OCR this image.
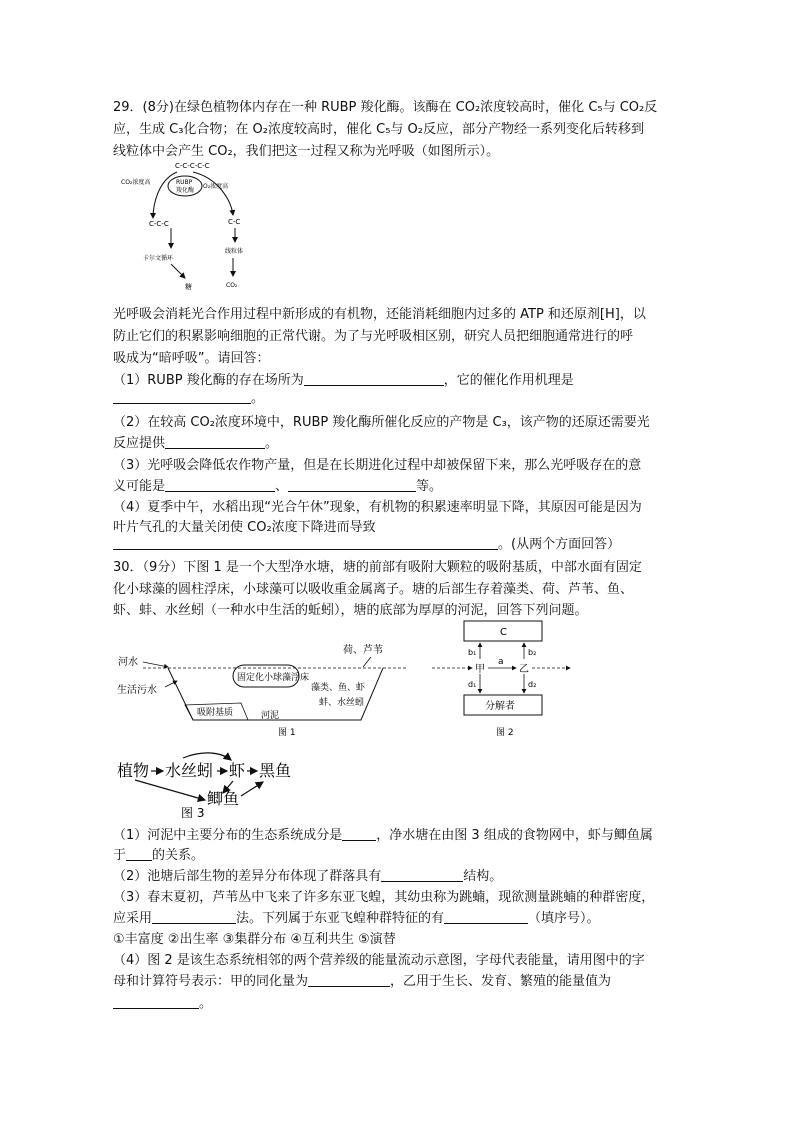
29．(8分)在绿色植物体内存在一种 RUBP 羧化酶。该酶在 CO₂浓度较高时，催化 C₅与 CO₂反
应，生成 C₃化合物；在 O₂浓度较高时，催化 C₅与 O₂反应，部分产物经一系列变化后转移到
线粒体中会产生 CO₂，我们把这一过程又称为光呼吸（如图所示）。
C-C-C-C-C
RUBP
羧化酶
CO₂浓度高
O₂浓度高
C-C-C	C-C
卡尔文循环
线粒体
糖	CO₂
光呼吸会消耗光合作用过程中新形成的有机物，还能消耗细胞内过多的 ATP 和还原剂[H]，以
防止它们的积累影响细胞的正常代谢。为了与光呼吸相区别，研究人员把细胞通常进行的呼
吸成为“暗呼吸”。请回答：
（1）RUBP 羧化酶的存在场所为	，它的催化作用机理是
。
（2）在较高 CO₂浓度环境中，RUBP 羧化酶所催化反应的产物是 C₃，该产物的还原还需要光
反应提供	。
（3）光呼吸会降低农作物产量，但是在长期进化过程中却被保留下来，那么光呼吸存在的意
义可能是	、	等。
（4）夏季中午，水稻出现“光合午休”现象，有机物的积累速率明显下降，其原因可能是因为
叶片气孔的大量关闭使 CO₂浓度下降进而导致
。(从两个方面回答）
30．（9分）下图 1 是一个大型净水塘，塘的前部有吸附大颗粒的吸附基质，中部水面有固定
化小球藻的圆柱浮床，小球藻可以吸收重金属离子。塘的后部生存着藻类、荷、芦苇、鱼、
虾、蚌、水丝蚓（一种水中生活的蚯蚓），塘的底部为厚厚的河泥，回答下列问题。
荷、芦苇
河水
生活污水
固定化小球藻浮床
藻类、鱼、虾
蚌、水丝蚓
吸附基质	河泥
图 1
C
分解者
甲
a
乙
b₁	b₂
d₁	d₂
图 2
植物 水丝蚓 虾 黑鱼
鲫鱼
图 3
（1）河泥中主要分布的生态系统成分是	，净水塘在由图 3 组成的食物网中，虾与鲫鱼属
于 的关系。
（2）池塘后部生物的差异分布体现了群落具有	结构。
（3）春末夏初，芦苇丛中飞来了许多东亚飞蝗，其幼虫称为跳蝻，现欲测量跳蝻的种群密度，
应采用	法。下列属于东亚飞蝗种群特征的有	（填序号）。
①丰富度 ②出生率 ③集群分布 ④互利共生 ⑤演替
（4）图 2 是该生态系统相邻的两个营养级的能量流动示意图，字母代表能量，请用图中的字
母和计算符号表示：甲的同化量为	，乙用于生长、发育、繁殖的能量值为
。
